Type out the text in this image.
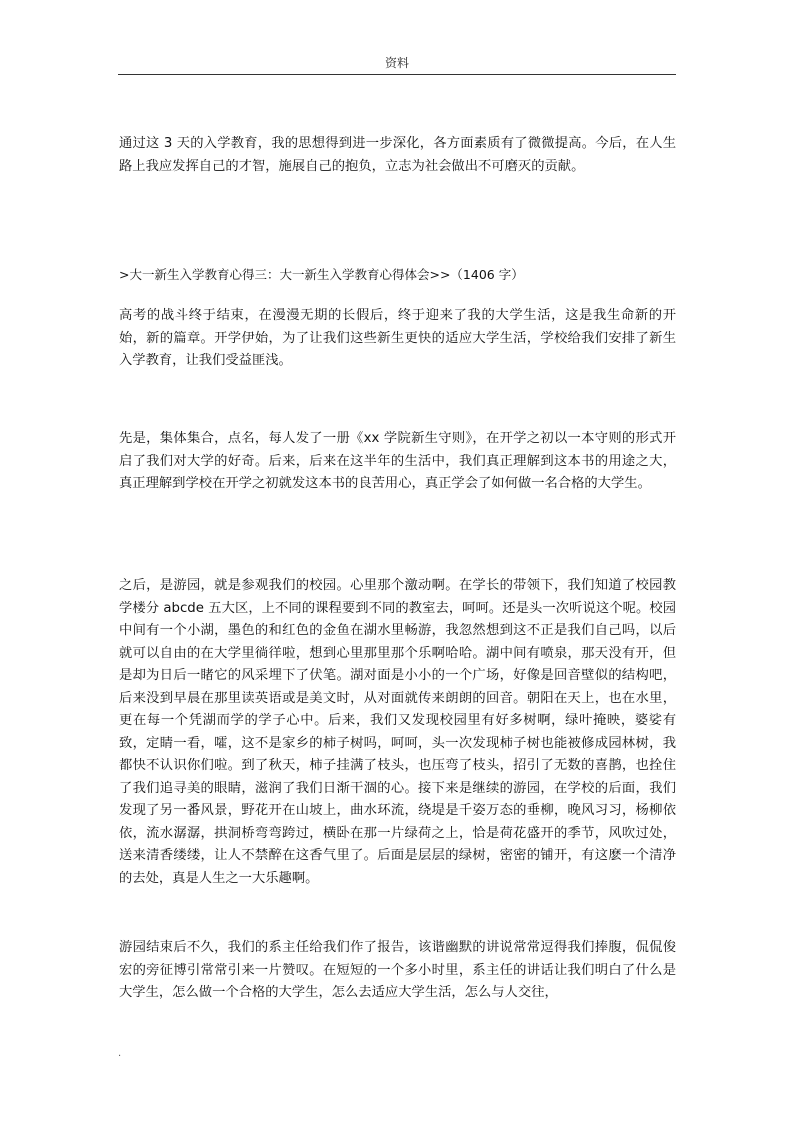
资料

通过这 3 天的入学教育，我的思想得到进一步深化，各方面素质有了微微提高。今后，在人生路上我应发挥自己的才智，施展自己的抱负，立志为社会做出不可磨灭的贡献。

>大一新生入学教育心得三：大一新生入学教育心得体会>>（1406 字）

高考的战斗终于结束，在漫漫无期的长假后，终于迎来了我的大学生活，这是我生命新的开始，新的篇章。开学伊始，为了让我们这些新生更快的适应大学生活，学校给我们安排了新生入学教育，让我们受益匪浅。

先是，集体集合，点名，每人发了一册《xx 学院新生守则》，在开学之初以一本守则的形式开启了我们对大学的好奇。后来，后来在这半年的生活中，我们真正理解到这本书的用途之大，真正理解到学校在开学之初就发这本书的良苦用心，真正学会了如何做一名合格的大学生。

之后，是游园，就是参观我们的校园。心里那个激动啊。在学长的带领下，我们知道了校园教学楼分 abcde 五大区，上不同的课程要到不同的教室去，呵呵。还是头一次听说这个呢。校园中间有一个小湖，墨色的和红色的金鱼在湖水里畅游，我忽然想到这不正是我们自己吗，以后就可以自由的在大学里徜徉啦，想到心里那里那个乐啊哈哈。湖中间有喷泉，那天没有开，但是却为日后一睹它的风采埋下了伏笔。湖对面是小小的一个广场，好像是回音壁似的结构吧，后来没到早晨在那里读英语或是美文时，从对面就传来朗朗的回音。朝阳在天上，也在水里，更在每一个凭湖而学的学子心中。后来，我们又发现校园里有好多树啊，绿叶掩映，婆娑有致，定睛一看，嚯，这不是家乡的柿子树吗，呵呵，头一次发现柿子树也能被修成园林树，我都快不认识你们啦。到了秋天，柿子挂满了枝头，也压弯了枝头，招引了无数的喜鹊，也拴住了我们追寻美的眼睛，滋润了我们日渐干涸的心。接下来是继续的游园，在学校的后面，我们发现了另一番风景，野花开在山坡上，曲水环流，绕堤是千姿万态的垂柳，晚风习习，杨柳依依，流水潺潺，拱洞桥弯弯跨过，横卧在那一片绿荷之上，恰是荷花盛开的季节，风吹过处，送来清香缕缕，让人不禁醉在这香气里了。后面是层层的绿树，密密的铺开，有这麽一个清净的去处，真是人生之一大乐趣啊。

游园结束后不久，我们的系主任给我们作了报告，该谐幽默的讲说常常逗得我们捧腹，侃侃俊宏的旁征博引常常引来一片赞叹。在短短的一个多小时里，系主任的讲话让我们明白了什么是大学生，怎么做一个合格的大学生，怎么去适应大学生活，怎么与人交往，

.
